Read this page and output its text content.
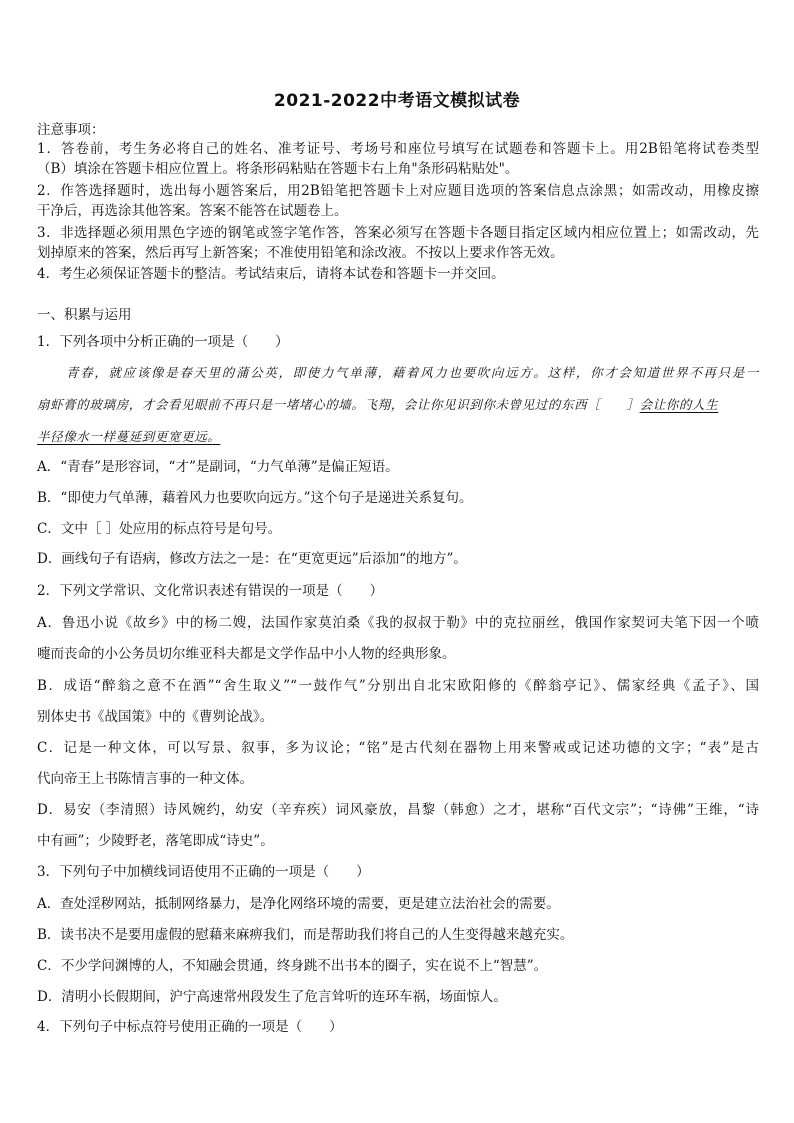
2021-2022中考语文模拟试卷
注意事项：
1．答卷前，考生务必将自己的姓名、准考证号、考场号和座位号填写在试题卷和答题卡上。用2B铅笔将试卷类型
（B）填涂在答题卡相应位置上。将条形码粘贴在答题卡右上角"条形码粘贴处"。
2．作答选择题时，选出每小题答案后，用2B铅笔把答题卡上对应题目选项的答案信息点涂黑；如需改动，用橡皮擦
干净后，再选涂其他答案。答案不能答在试题卷上。
3．非选择题必须用黑色字迹的钢笔或签字笔作答，答案必须写在答题卡各题目指定区域内相应位置上；如需改动，先
划掉原来的答案，然后再写上新答案；不准使用铅笔和涂改液。不按以上要求作答无效。
4．考生必须保证答题卡的整洁。考试结束后，请将本试卷和答题卡一并交回。
一、积累与运用
1．下列各项中分析正确的一项是（　　）
青春，就应该像是春天里的蒲公英，即使力气单薄，藉着风力也要吹向远方。这样，你才会知道世界不再只是一
扇虾膏的玻璃房，才会看见眼前不再只是一堵堵心的墙。飞翔，会让你见识到你未曾见过的东西［　　］会让你的人生
半径像水一样蔓延到更宽更远。
A．“青春”是形容词，“才”是副词，“力气单薄”是偏正短语。
B．“即使力气单薄，藉着风力也要吹向远方。”这个句子是递进关系复句。
C．文中［ ］处应用的标点符号是句号。
D．画线句子有语病，修改方法之一是：在“更宽更远”后添加“的地方”。
2．下列文学常识、文化常识表述有错误的一项是（　　）
A．鲁迅小说《故乡》中的杨二嫂，法国作家莫泊桑《我的叔叔于勒》中的克拉丽丝，俄国作家契诃夫笔下因一个喷
嚏而丧命的小公务员切尔维亚科夫都是文学作品中小人物的经典形象。
B．成语“醉翁之意不在酒”“舍生取义”“一鼓作气”分别出自北宋欧阳修的《醉翁亭记》、儒家经典《孟子》、国
别体史书《战国策》中的《曹刿论战》。
C．记是一种文体，可以写景、叙事，多为议论；“铭”是古代刻在器物上用来警戒或记述功德的文字；“表”是古
代向帝王上书陈情言事的一种文体。
D．易安（李清照）诗风婉约，幼安（辛弃疾）词风豪放，昌黎（韩愈）之才，堪称“百代文宗”；“诗佛”王维，“诗
中有画”；少陵野老，落笔即成“诗史”。
3．下列句子中加横线词语使用不正确的一项是（　　）
A．查处淫秽网站，抵制网络暴力，是净化网络环境的需要，更是建立法治社会的需要。
B．读书决不是要用虚假的慰藉来麻痹我们，而是帮助我们将自己的人生变得越来越充实。
C．不少学问渊博的人，不知融会贯通，终身跳不出书本的圈子，实在说不上“智慧”。
D．清明小长假期间，沪宁高速常州段发生了危言耸听的连环车祸，场面惊人。
4．下列句子中标点符号使用正确的一项是（　　）
